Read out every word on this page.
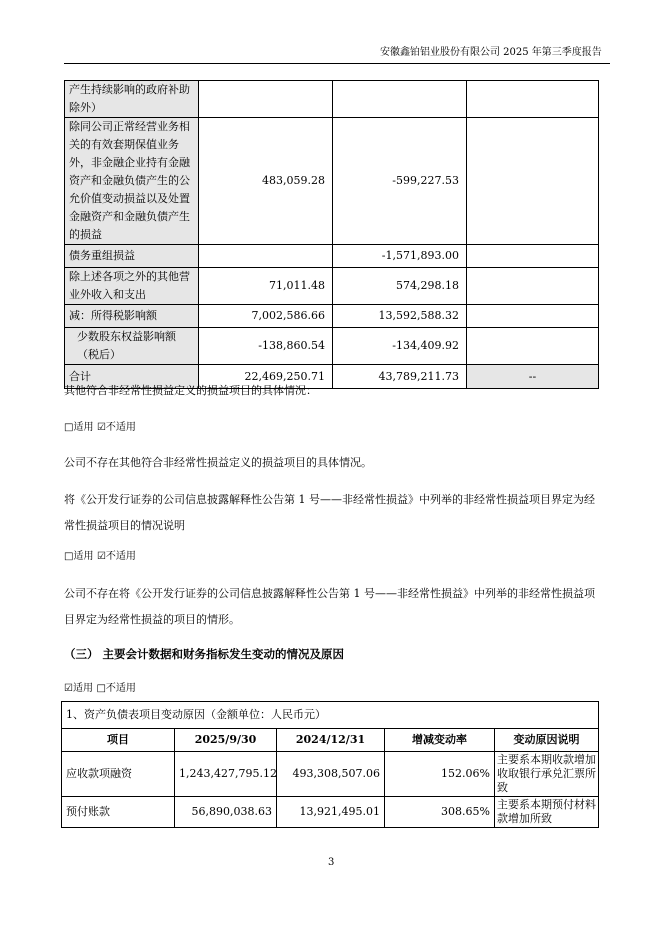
安徽鑫铂铝业股份有限公司 2025 年第三季度报告
产生持续影响的政府补助除外）			
除同公司正常经营业务相关的有效套期保值业务外，非金融企业持有金融资产和金融负债产生的公允价值变动损益以及处置金融资产和金融负债产生的损益	483,059.28	-599,227.53	
债务重组损益		-1,571,893.00	
除上述各项之外的其他营业外收入和支出	71,011.48	574,298.18	
减：所得税影响额	7,002,586.66	13,592,588.32	
少数股东权益影响额（税后）	-138,860.54	-134,409.92	
合计	22,469,250.71	43,789,211.73	--
其他符合非经常性损益定义的损益项目的具体情况：
□适用 ☑不适用
公司不存在其他符合非经常性损益定义的损益项目的具体情况。
将《公开发行证券的公司信息披露解释性公告第 1 号——非经常性损益》中列举的非经常性损益项目界定为经常性损益项目的情况说明
□适用 ☑不适用
公司不存在将《公开发行证券的公司信息披露解释性公告第 1 号——非经常性损益》中列举的非经常性损益项目界定为经常性损益的项目的情形。
（三） 主要会计数据和财务指标发生变动的情况及原因
☑适用 □不适用
1、资产负债表项目变动原因（金额单位：人民币元）				
项目	2025/9/30	2024/12/31	增减变动率	变动原因说明
应收款项融资	1,243,427,795.12	493,308,507.06	152.06%	主要系本期收款增加收取银行承兑汇票所致
预付账款	56,890,038.63	13,921,495.01	308.65%	主要系本期预付材料款增加所致
3
